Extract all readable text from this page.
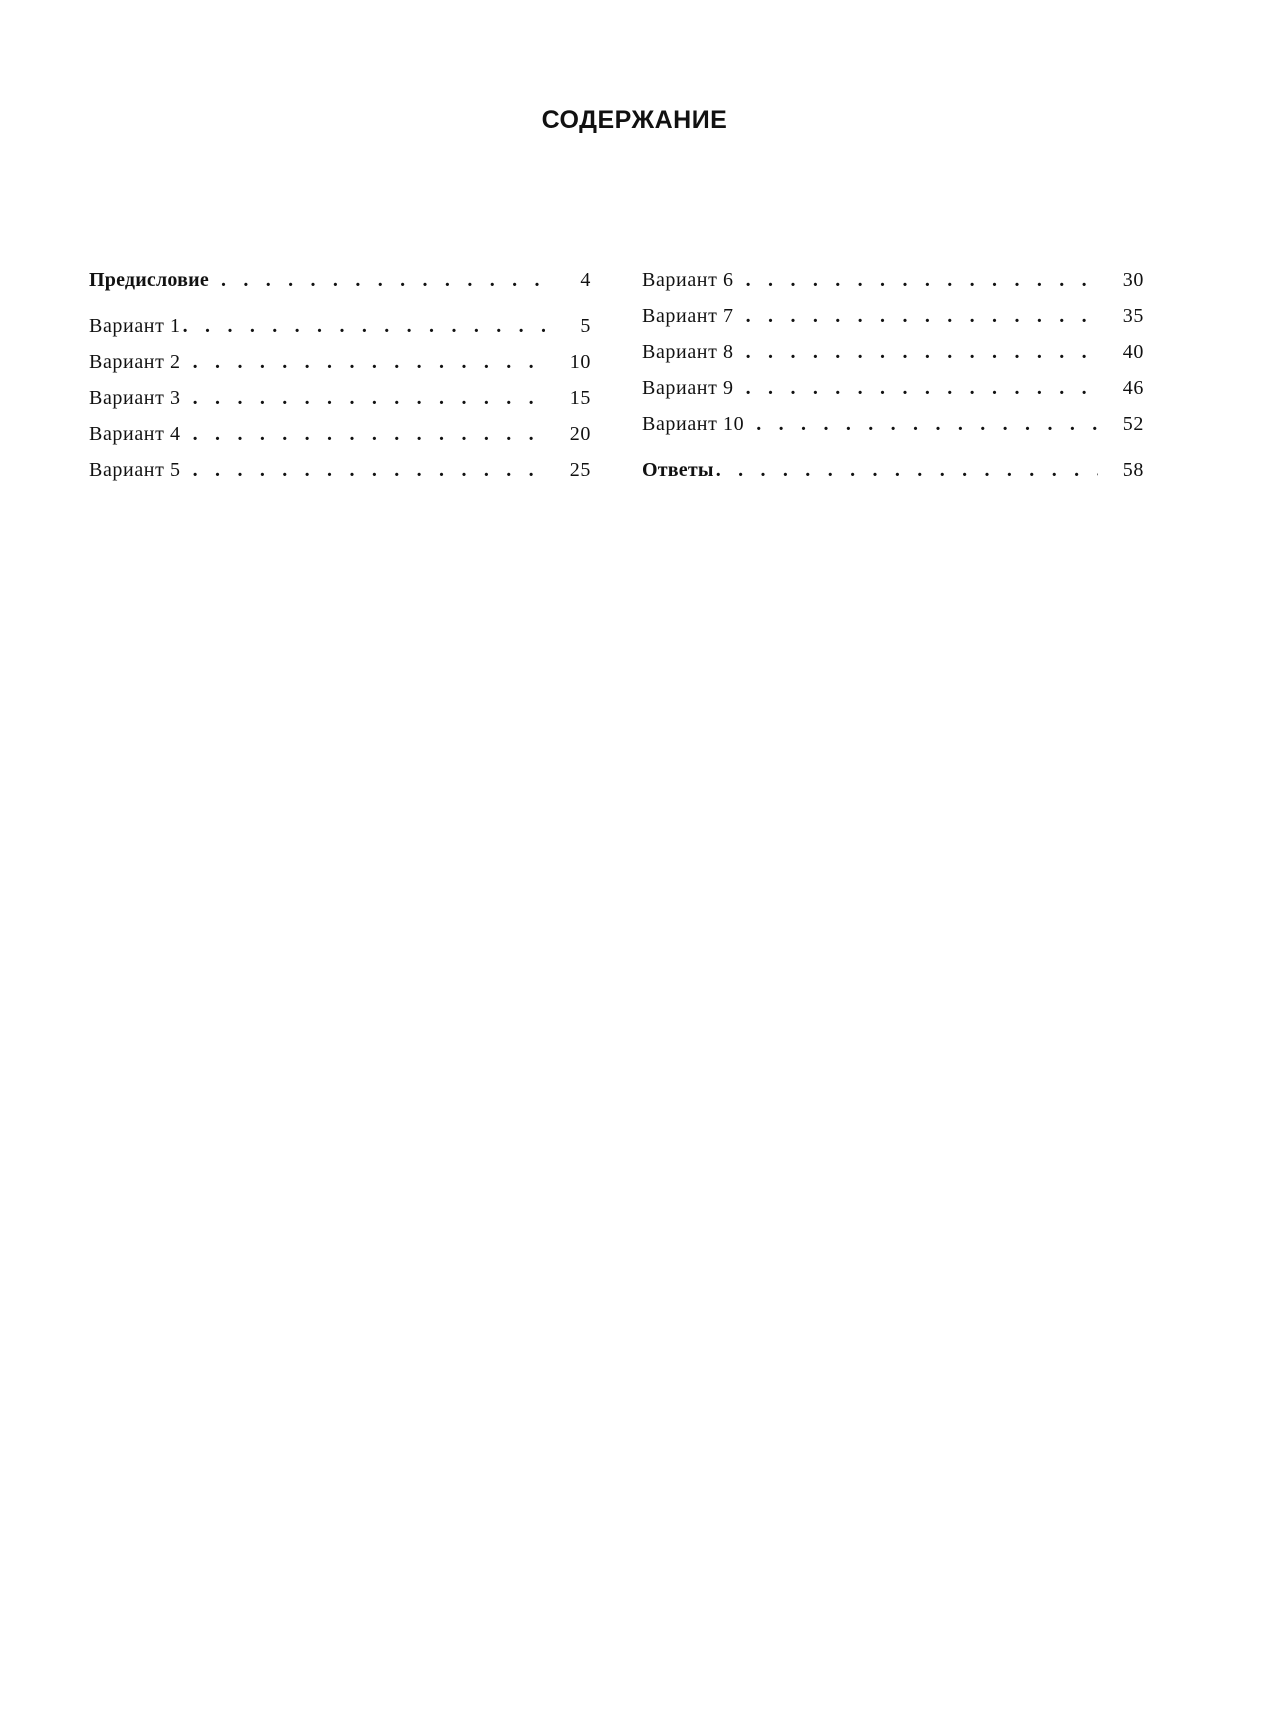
СОДЕРЖАНИЕ
Предисловие . . .	4
Вариант 1 . . .	5
Вариант 2 . . .	10
Вариант 3 . . .	15
Вариант 4 . . .	20
Вариант 5 . . .	25
Вариант 6 . . .	30
Вариант 7 . . .	35
Вариант 8 . . .	40
Вариант 9 . . .	46
Вариант 10 . . .	52
Ответы . . .	58
